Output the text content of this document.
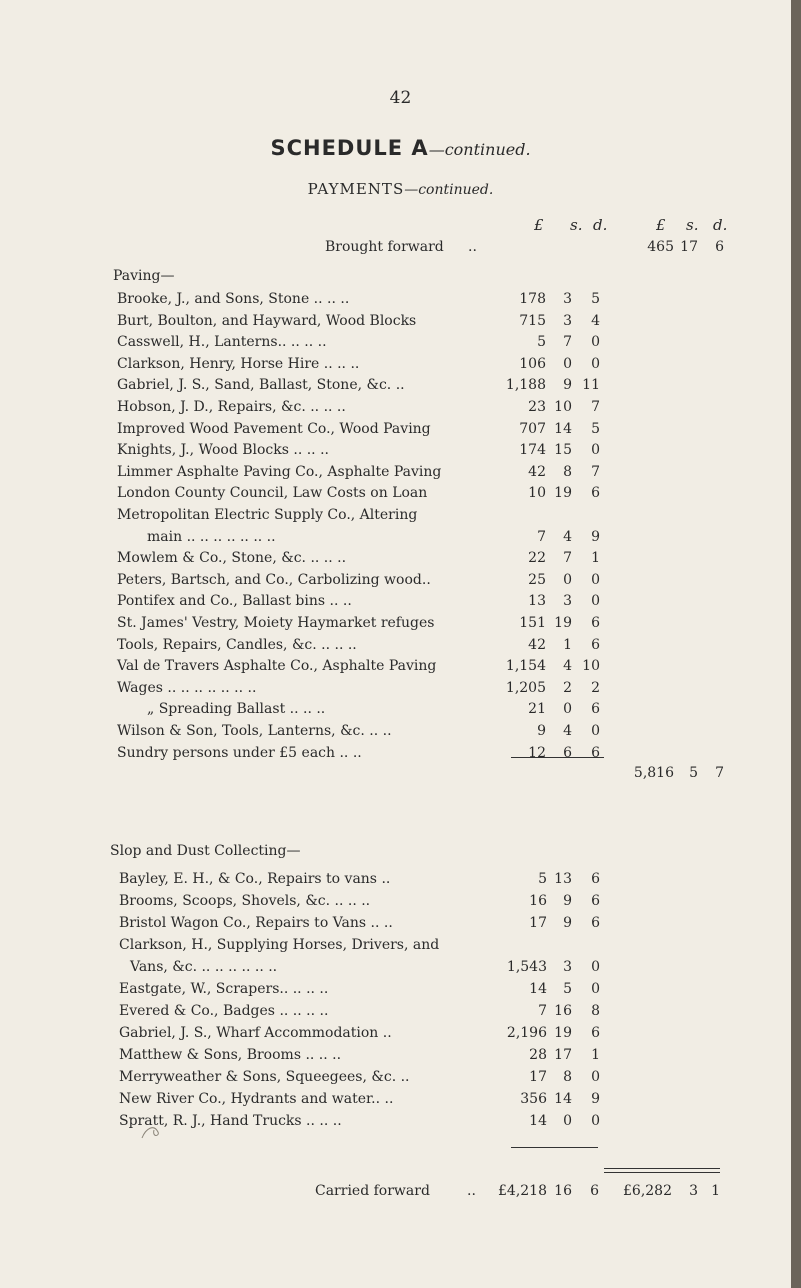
42
SCHEDULE A—continued.
PAYMENTS—continued.
£ s. d.	£ s. d.
Brought forward ..	465 17	6
Paving—
Brooke, J., and Sons, Stone .. .. ..	178	3	5
Burt, Boulton, and Hayward, Wood Blocks	715	3	4
Casswell, H., Lanterns.. .. .. ..	5	7	0
Clarkson, Henry, Horse Hire .. .. ..	106	0	0
Gabriel, J. S., Sand, Ballast, Stone, &c. ..	1,188	9 11
Hobson, J. D., Repairs, &c. .. .. ..	23 10	7
Improved Wood Pavement Co., Wood Paving	707 14	5
Knights, J., Wood Blocks .. .. ..	174 15	0
Limmer Asphalte Paving Co., Asphalte Paving	42	8	7
London County Council, Law Costs on Loan	10 19	6
Metropolitan Electric Supply Co., Altering
main .. .. .. .. .. .. ..	7	4	9
Mowlem & Co., Stone, &c. .. .. ..	22	7	1
Peters, Bartsch, and Co., Carbolizing wood..	25	0	0
Pontifex and Co., Ballast bins .. ..	13	3	0
St. James' Vestry, Moiety Haymarket refuges	151 19	6
Tools, Repairs, Candles, &c. .. .. ..	42	1	6
Val de Travers Asphalte Co., Asphalte Paving	1,154	4 10
Wages .. .. .. .. .. .. ..	1,205	2	2
„ Spreading Ballast .. .. ..	21	0	6
Wilson & Son, Tools, Lanterns, &c. .. ..	9	4	0
Sundry persons under £5 each .. ..	12	6	6
5,816	5	7
Slop and Dust Collecting—
Bayley, E. H., & Co., Repairs to vans ..	5 13	6
Brooms, Scoops, Shovels, &c. .. .. ..	16	9	6
Bristol Wagon Co., Repairs to Vans .. ..	17	9	6
Clarkson, H., Supplying Horses, Drivers, and
Vans, &c. .. .. .. .. .. ..	1,543	3	0
Eastgate, W., Scrapers.. .. .. ..	14	5	0
Evered & Co., Badges .. .. .. ..	7 16	8
Gabriel, J. S., Wharf Accommodation ..	2,196 19	6
Matthew & Sons, Brooms .. .. ..	28 17	1
Merryweather & Sons, Squeegees, &c. ..	17	8	0
New River Co., Hydrants and water.. ..	356 14	9
Spratt, R. J., Hand Trucks .. .. ..	14	0	0
Carried forward	..	£4,218 16	6	£6,282	3 1
